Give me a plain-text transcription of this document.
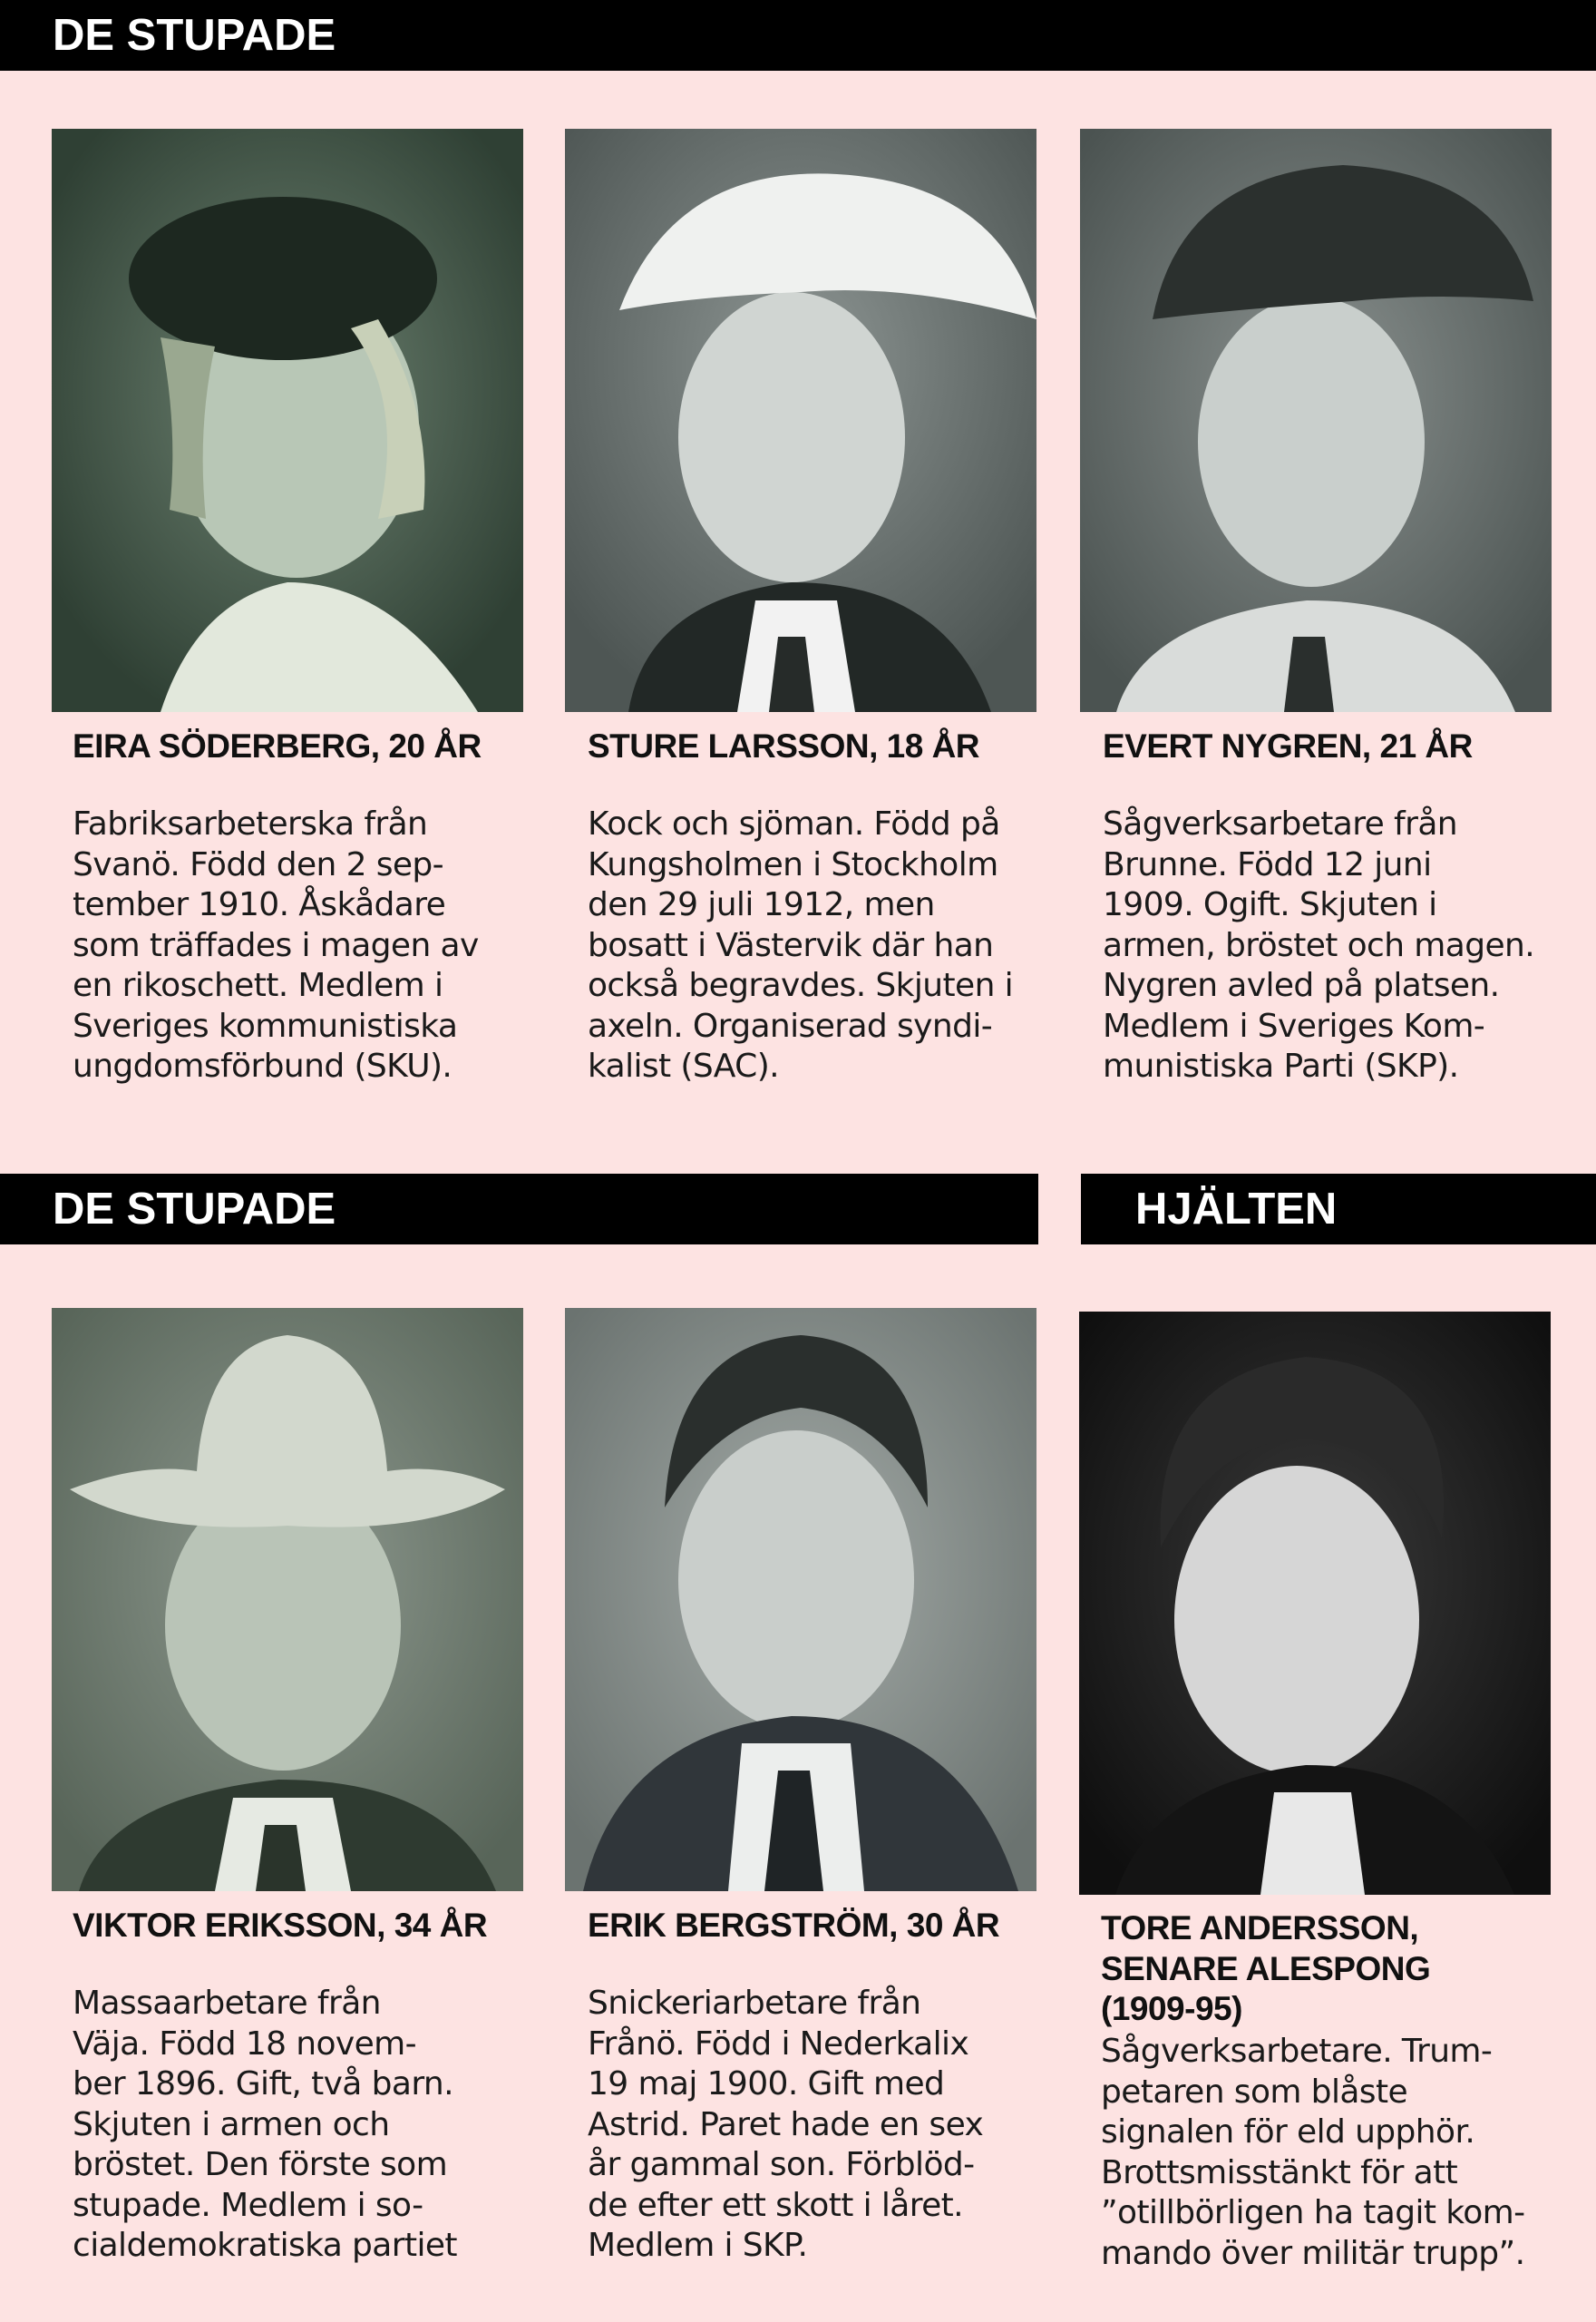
DE STUPADE
DE STUPADE	HJÄLTEN
EIRA SÖDERBERG, 20 ÅR	STURE LARSSON, 18 ÅR	EVERT NYGREN, 21 ÅR
Fabriksarbeterska från
Svanö. Född den 2 sep-
tember 1910. Åskådare
som träffades i magen av
en rikoschett. Medlem i
Sveriges kommunistiska
ungdomsförbund (SKU).
Kock och sjöman. Född på
Kungsholmen i Stockholm
den 29 juli 1912, men
bosatt i Västervik där han
också begravdes. Skjuten i
axeln. Organiserad syndi-
kalist (SAC).
Sågverksarbetare från
Brunne. Född 12 juni
1909. Ogift. Skjuten i
armen, bröstet och magen.
Nygren avled på platsen.
Medlem i Sveriges Kom-
munistiska Parti (SKP).
VIKTOR ERIKSSON, 34 ÅR	ERIK BERGSTRÖM, 30 ÅR	TORE ANDERSSON,
SENARE ALESPONG
(1909-95)
Massaarbetare från
Väja. Född 18 novem-
ber 1896. Gift, två barn.
Skjuten i armen och
bröstet. Den förste som
stupade. Medlem i so-
cialdemokratiska partiet
Snickeriarbetare från
Frånö. Född i Nederkalix
19 maj 1900. Gift med
Astrid. Paret hade en sex
år gammal son. Förblöd-
de efter ett skott i låret.
Medlem i SKP.
Sågverksarbetare. Trum-
petaren som blåste
signalen för eld upphör.
Brottsmisstänkt för att
”otillbörligen ha tagit kom-
mando över militär trupp”.
